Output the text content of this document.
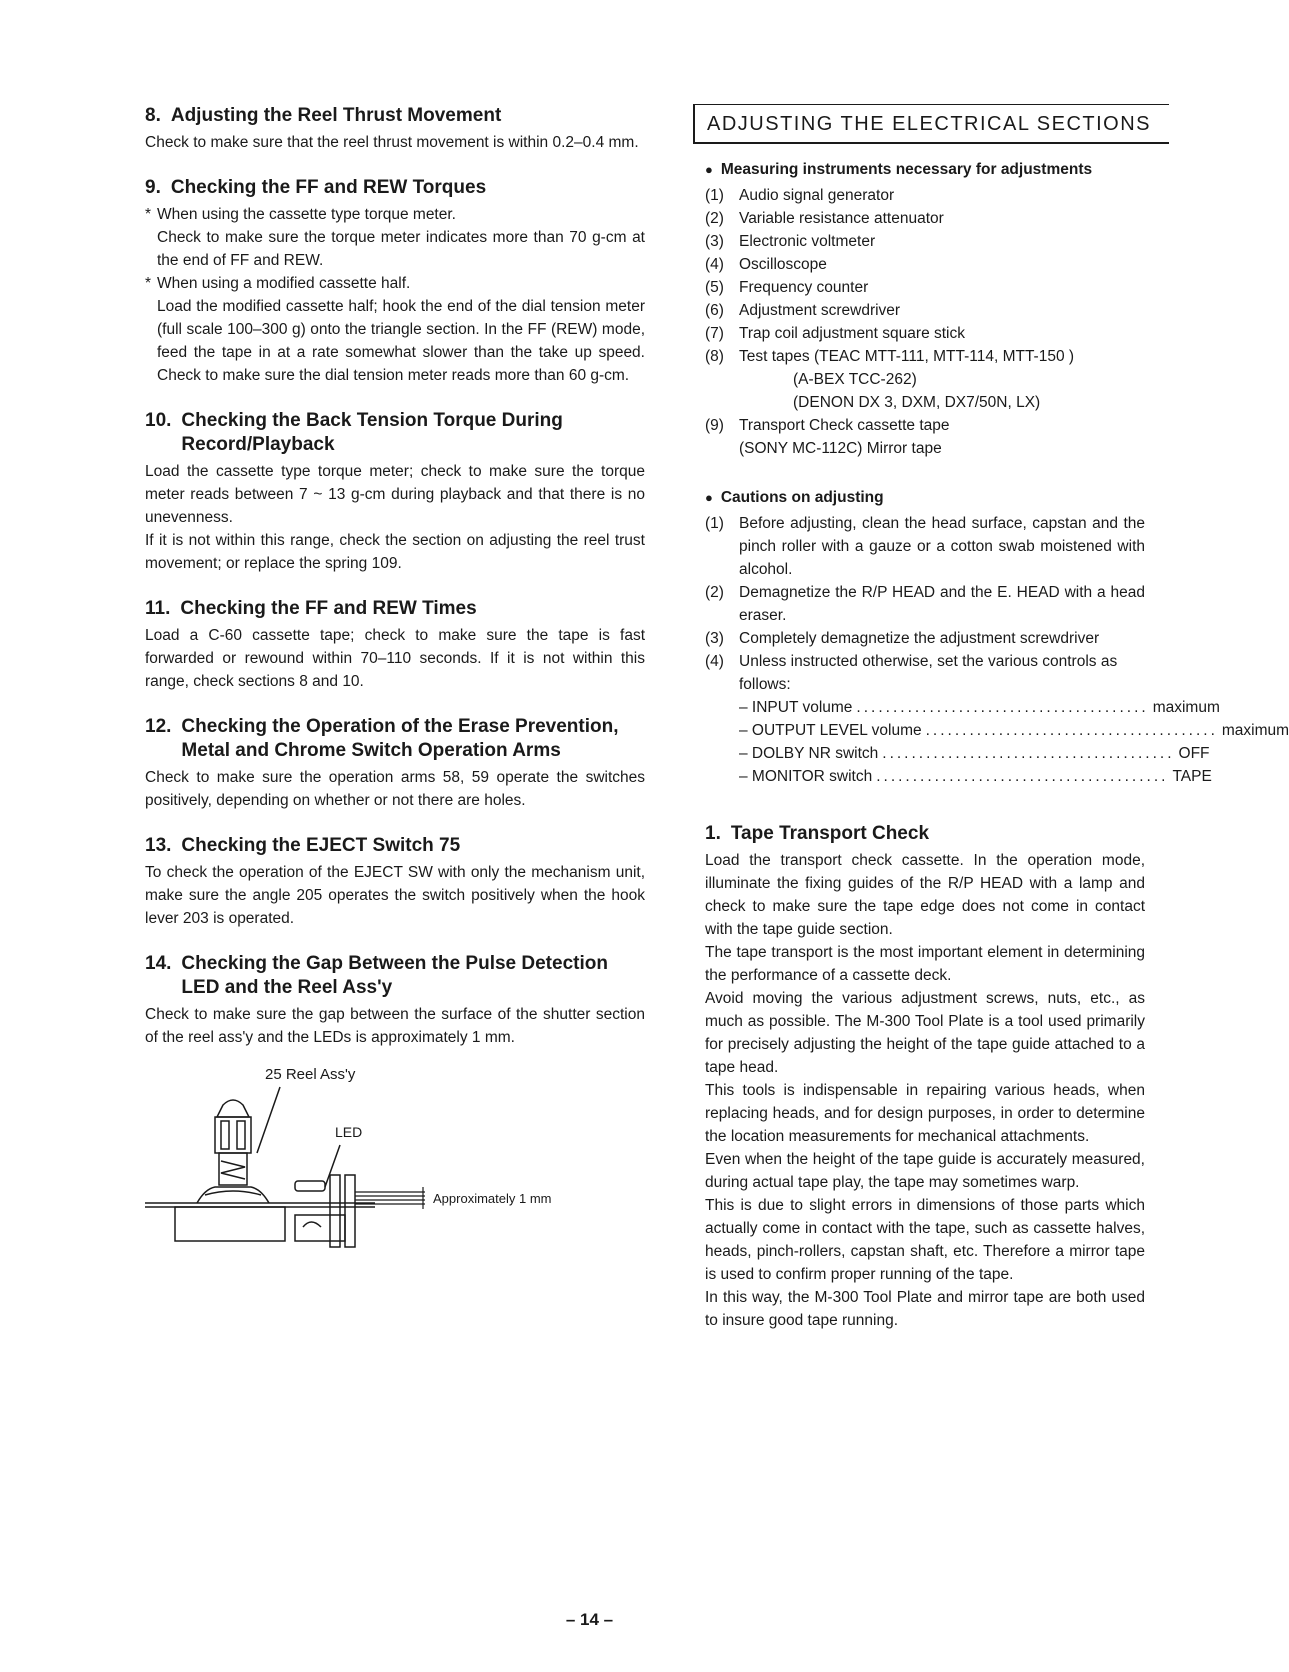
8. Adjusting the Reel Thrust Movement

Check to make sure that the reel thrust movement is within 0.2–0.4 mm.

9. Checking the FF and REW Torques

* When using the cassette type torque meter.

Check to make sure the torque meter indicates more than 70 g-cm at the end of FF and REW.

* When using a modified cassette half.

Load the modified cassette half; hook the end of the dial tension meter (full scale 100–300 g) onto the triangle section. In the FF (REW) mode, feed the tape in at a rate somewhat slower than the take up speed. Check to make sure the dial tension meter reads more than 60 g-cm.

10. Checking the Back Tension Torque During Record/Playback

Load the cassette type torque meter; check to make sure the torque meter reads between 7 ~ 13 g-cm during playback and that there is no unevenness.

If it is not within this range, check the section on adjusting the reel trust movement; or replace the spring 109.

11. Checking the FF and REW Times

Load a C-60 cassette tape; check to make sure the tape is fast forwarded or rewound within 70–110 seconds. If it is not within this range, check sections 8 and 10.

12. Checking the Operation of the Erase Prevention, Metal and Chrome Switch Operation Arms

Check to make sure the operation arms 58, 59 operate the switches positively, depending on whether or not there are holes.

13. Checking the EJECT Switch 75

To check the operation of the EJECT SW with only the mechanism unit, make sure the angle 205 operates the switch positively when the hook lever 203 is operated.

14. Checking the Gap Between the Pulse Detection LED and the Reel Ass'y

Check to make sure the gap between the surface of the shutter section of the reel ass'y and the LEDs is approximately 1 mm.

25 Reel Ass'y
LED
Approximately 1 mm
ADJUSTING THE ELECTRICAL SECTIONS
● Measuring instruments necessary for adjustments
(1) Audio signal generator
(2) Variable resistance attenuator
(3) Electronic voltmeter
(4) Oscilloscope
(5) Frequency counter
(6) Adjustment screwdriver
(7) Trap coil adjustment square stick
(8) Test tapes (TEAC MTT-111, MTT-114, MTT-150 )
(A-BEX TCC-262)
(DENON DX 3, DXM, DX7/50N, LX)
(9) Transport Check cassette tape
(SONY MC-112C) Mirror tape
● Cautions on adjusting
(1) Before adjusting, clean the head surface, capstan and the pinch roller with a gauze or a cotton swab moistened with alcohol.
(2) Demagnetize the R/P HEAD and the E. HEAD with a head eraser.
(3) Completely demagnetize the adjustment screwdriver
(4) Unless instructed otherwise, set the various controls as follows:
– INPUT volume ........................................ maximum
– OUTPUT LEVEL volume ........................................ maximum
– DOLBY NR switch ........................................ OFF
– MONITOR switch ........................................ TAPE
1. Tape Transport Check

Load the transport check cassette. In the operation mode, illuminate the fixing guides of the R/P HEAD with a lamp and check to make sure the tape edge does not come in contact with the tape guide section.

The tape transport is the most important element in determining the performance of a cassette deck.

Avoid moving the various adjustment screws, nuts, etc., as much as possible. The M-300 Tool Plate is a tool used primarily for precisely adjusting the height of the tape guide attached to a tape head.

This tools is indispensable in repairing various heads, when replacing heads, and for design purposes, in order to determine the location measurements for mechanical attachments.

Even when the height of the tape guide is accurately measured, during actual tape play, the tape may sometimes warp.

This is due to slight errors in dimensions of those parts which actually come in contact with the tape, such as cassette halves, heads, pinch-rollers, capstan shaft, etc. Therefore a mirror tape is used to confirm proper running of the tape.

In this way, the M-300 Tool Plate and mirror tape are both used to insure good tape running.

– 14 –
